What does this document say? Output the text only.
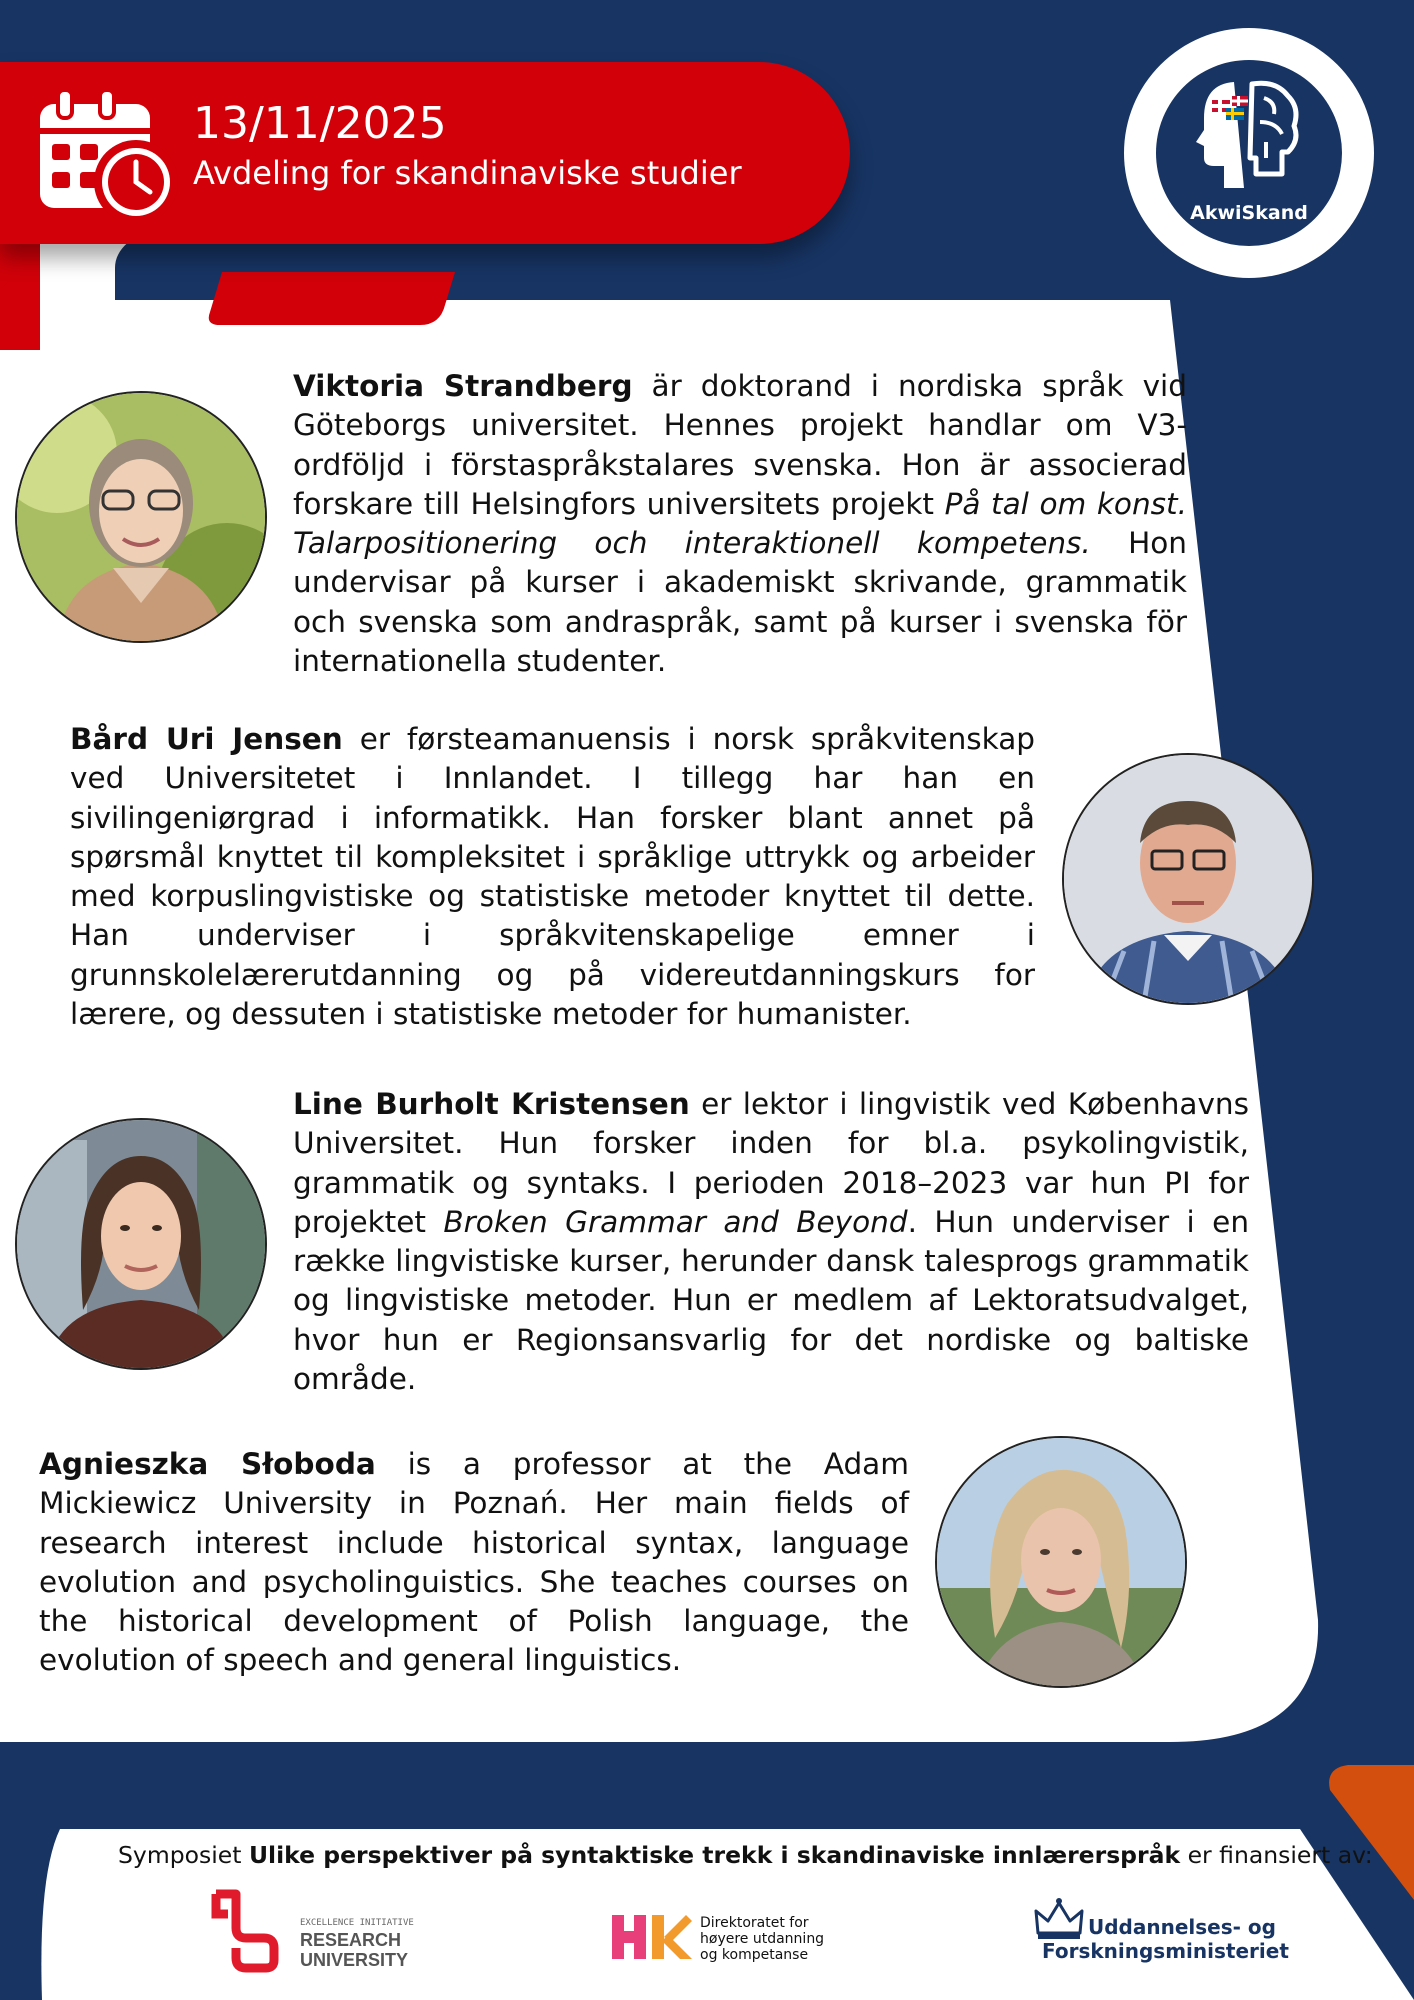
13/11/2025
Avdeling for skandinaviske studier
AkwiSkand

Viktoria Strandberg är doktorand i nordiska språk vid Göteborgs universitet. Hennes projekt handlar om V3-ordföljd i förstaspråkstalares svenska. Hon är associerad forskare till Helsingfors universitets projekt På tal om konst. Talarpositionering och interaktionell kompetens. Hon undervisar på kurser i akademiskt skrivande, grammatik och svenska som andraspråk, samt på kurser i svenska för internationella studenter.

Bård Uri Jensen er førsteamanuensis i norsk språkvitenskap ved Universitetet i Innlandet. I tillegg har han en sivilingeniørgrad i informatikk. Han forsker blant annet på spørsmål knyttet til kompleksitet i språklige uttrykk og arbeider med korpuslingvistiske og statistiske metoder knyttet til dette. Han underviser i språkvitenskapelige emner i grunnskolelærerutdanning og på videreutdanningskurs for lærere, og dessuten i statistiske metoder for humanister.

Line Burholt Kristensen er lektor i lingvistik ved Københavns Universitet. Hun forsker inden for bl.a. psykolingvistik, grammatik og syntaks. I perioden 2018–2023 var hun PI for projektet Broken Grammar and Beyond. Hun underviser i en række lingvistiske kurser, herunder dansk talesprogs grammatik og lingvistiske metoder. Hun er medlem af Lektoratsudvalget, hvor hun er Regionsansvarlig for det nordiske og baltiske område.

Agnieszka Słoboda is a professor at the Adam Mickiewicz University in Poznań. Her main fields of research interest include historical syntax, language evolution and psycholinguistics. She teaches courses on the historical development of Polish language, the evolution of speech and general linguistics.

Symposiet Ulike perspektiver på syntaktiske trekk i skandinaviske innlærerspråk er finansiert av:
EXCELLENCE INITIATIVE
RESEARCH
UNIVERSITY
Direktoratet for
høyere utdanning
og kompetanse
Uddannelses- og
Forskningsministeriet
